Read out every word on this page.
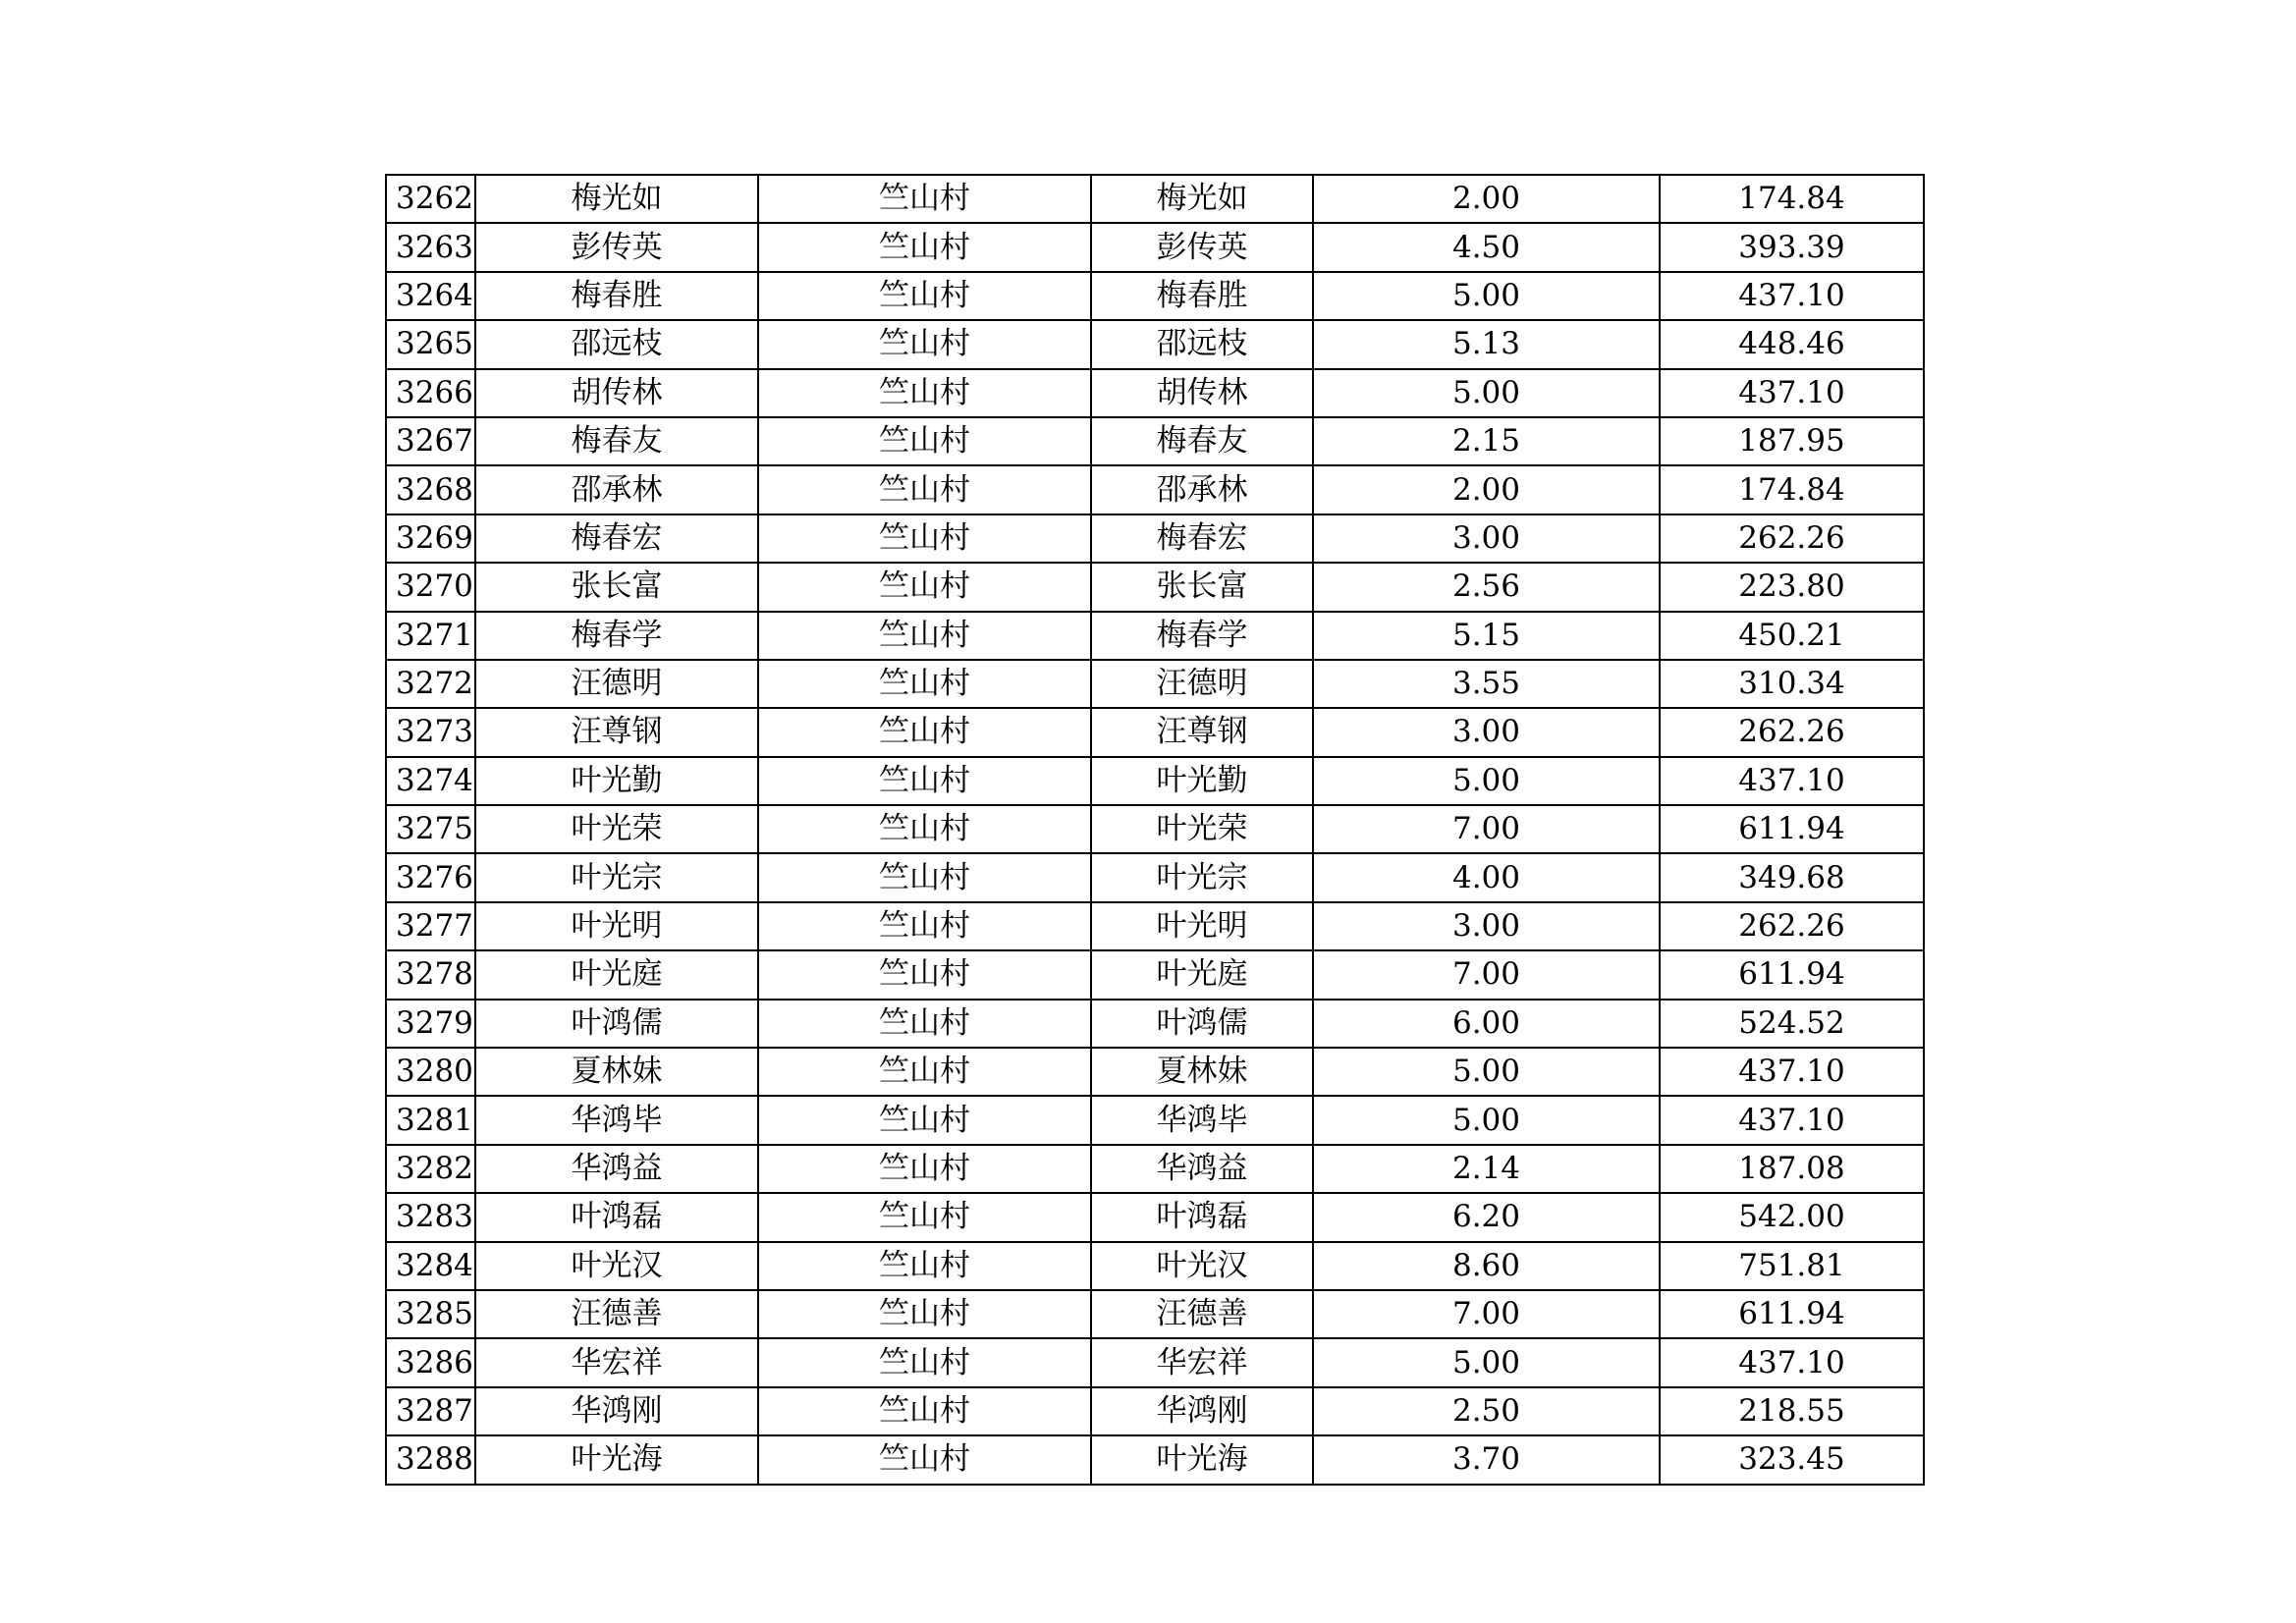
3262	梅光如	竺山村	梅光如	2.00	174.84
3263	彭传英	竺山村	彭传英	4.50	393.39
3264	梅春胜	竺山村	梅春胜	5.00	437.10
3265	邵远枝	竺山村	邵远枝	5.13	448.46
3266	胡传林	竺山村	胡传林	5.00	437.10
3267	梅春友	竺山村	梅春友	2.15	187.95
3268	邵承林	竺山村	邵承林	2.00	174.84
3269	梅春宏	竺山村	梅春宏	3.00	262.26
3270	张长富	竺山村	张长富	2.56	223.80
3271	梅春学	竺山村	梅春学	5.15	450.21
3272	汪德明	竺山村	汪德明	3.55	310.34
3273	汪尊钢	竺山村	汪尊钢	3.00	262.26
3274	叶光勤	竺山村	叶光勤	5.00	437.10
3275	叶光荣	竺山村	叶光荣	7.00	611.94
3276	叶光宗	竺山村	叶光宗	4.00	349.68
3277	叶光明	竺山村	叶光明	3.00	262.26
3278	叶光庭	竺山村	叶光庭	7.00	611.94
3279	叶鸿儒	竺山村	叶鸿儒	6.00	524.52
3280	夏林妹	竺山村	夏林妹	5.00	437.10
3281	华鸿毕	竺山村	华鸿毕	5.00	437.10
3282	华鸿益	竺山村	华鸿益	2.14	187.08
3283	叶鸿磊	竺山村	叶鸿磊	6.20	542.00
3284	叶光汉	竺山村	叶光汉	8.60	751.81
3285	汪德善	竺山村	汪德善	7.00	611.94
3286	华宏祥	竺山村	华宏祥	5.00	437.10
3287	华鸿刚	竺山村	华鸿刚	2.50	218.55
3288	叶光海	竺山村	叶光海	3.70	323.45
